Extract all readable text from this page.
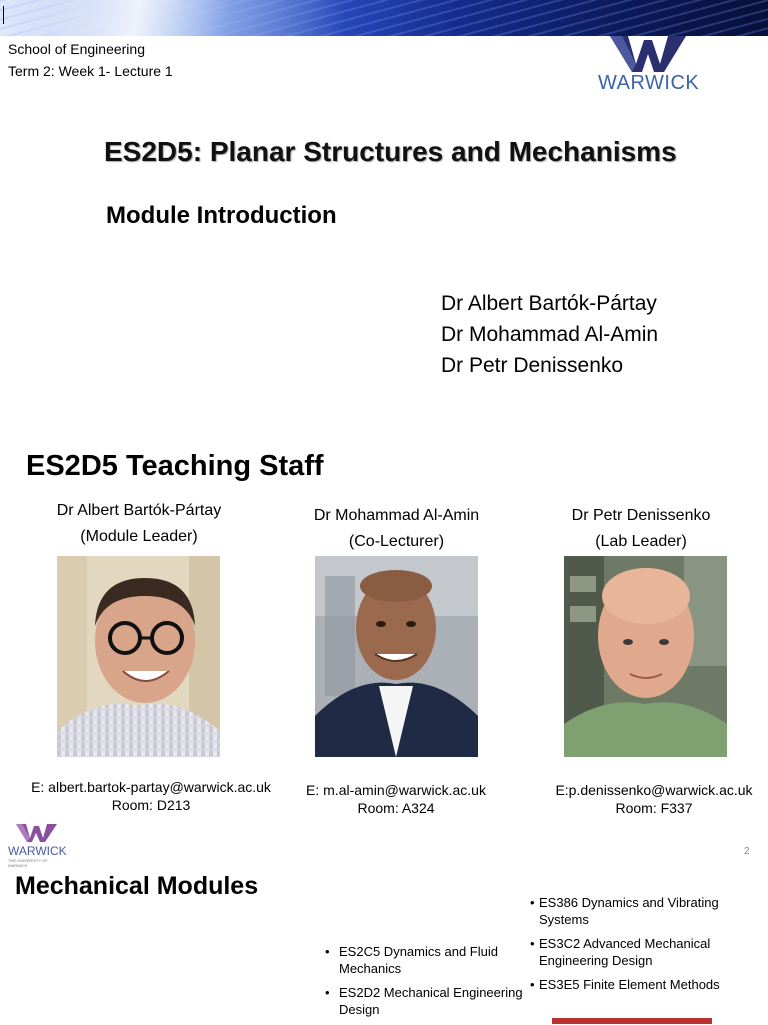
School of Engineering
Term 2: Week 1- Lecture 1
WARWICK
ES2D5: Planar Structures and Mechanisms
Module Introduction
Dr Albert Bartók-Pártay
Dr Mohammad Al-Amin
Dr Petr Denissenko
ES2D5 Teaching Staff
Dr Albert Bartók-Pártay
(Module Leader)
E: albert.bartok-partay@warwick.ac.uk
Room: D213
Dr Mohammad Al-Amin
(Co-Lecturer)
E: m.al-amin@warwick.ac.uk
Room: A324
Dr Petr Denissenko
(Lab Leader)
E:p.denissenko@warwick.ac.uk
Room: F337
WARWICK
THE UNIVERSITY OF WARWICK
2
Mechanical Modules
• ES2C5 Dynamics and Fluid Mechanics
• ES2D2 Mechanical Engineering Design
• ES386 Dynamics and Vibrating Systems
• ES3C2 Advanced Mechanical Engineering Design
• ES3E5 Finite Element Methods
